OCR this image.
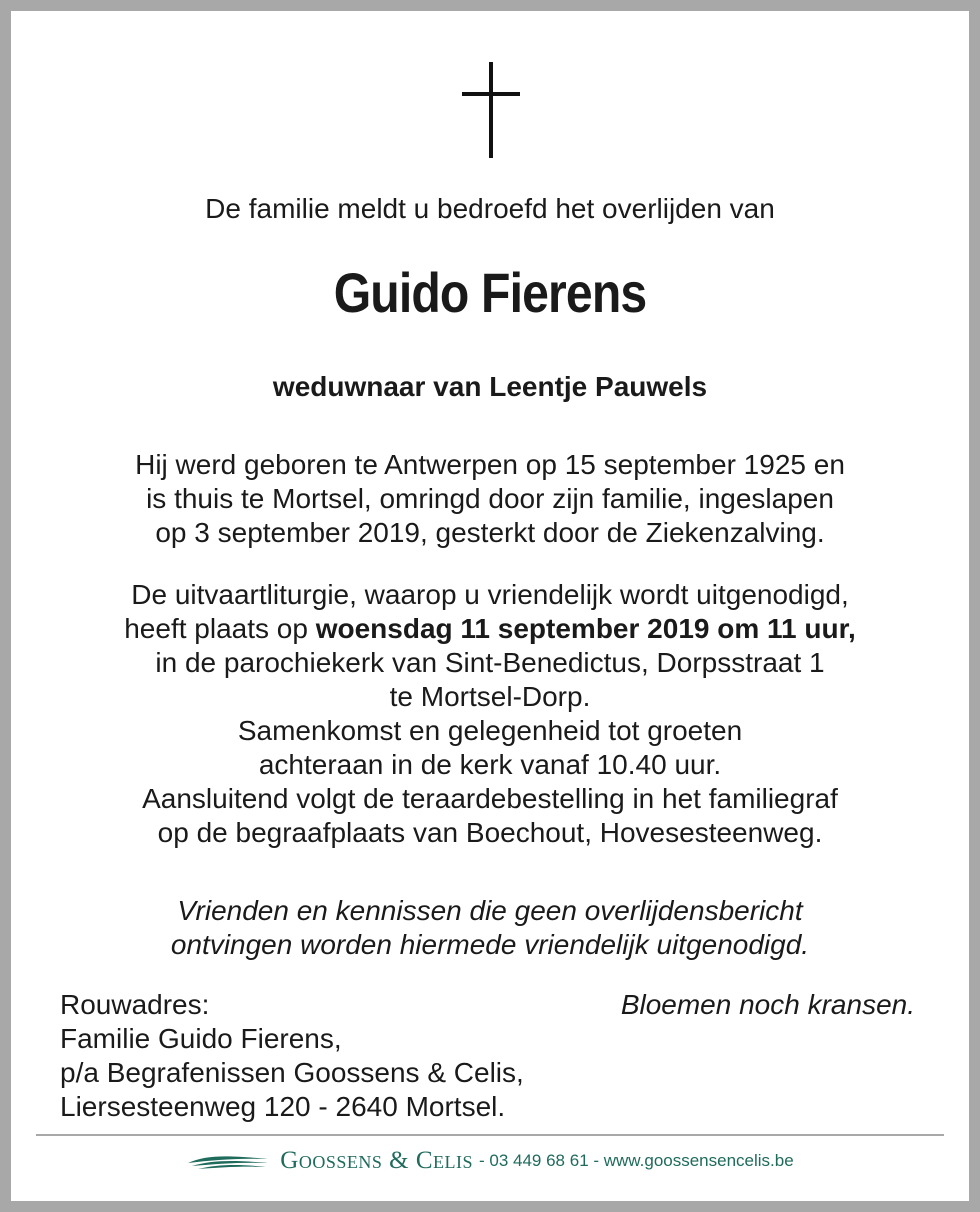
De familie meldt u bedroefd het overlijden van
Guido Fierens
weduwnaar van Leentje Pauwels
Hij werd geboren te Antwerpen op 15 september 1925 en
is thuis te Mortsel, omringd door zijn familie, ingeslapen
op 3 september 2019, gesterkt door de Ziekenzalving.
De uitvaartliturgie, waarop u vriendelijk wordt uitgenodigd,
heeft plaats op woensdag 11 september 2019 om 11 uur,
in de parochiekerk van Sint-Benedictus, Dorpsstraat 1
te Mortsel-Dorp.
Samenkomst en gelegenheid tot groeten
achteraan in de kerk vanaf 10.40 uur.
Aansluitend volgt de teraardebestelling in het familiegraf
op de begraafplaats van Boechout, Hovesesteenweg.
Vrienden en kennissen die geen overlijdensbericht
ontvingen worden hiermede vriendelijk uitgenodigd.
Rouwadres:
Familie Guido Fierens,
p/a Begrafenissen Goossens & Celis,
Liersesteenweg 120 - 2640 Mortsel.
Bloemen noch kransen.
Goossens & Celis - 03 449 68 61 - www.goossensencelis.be
